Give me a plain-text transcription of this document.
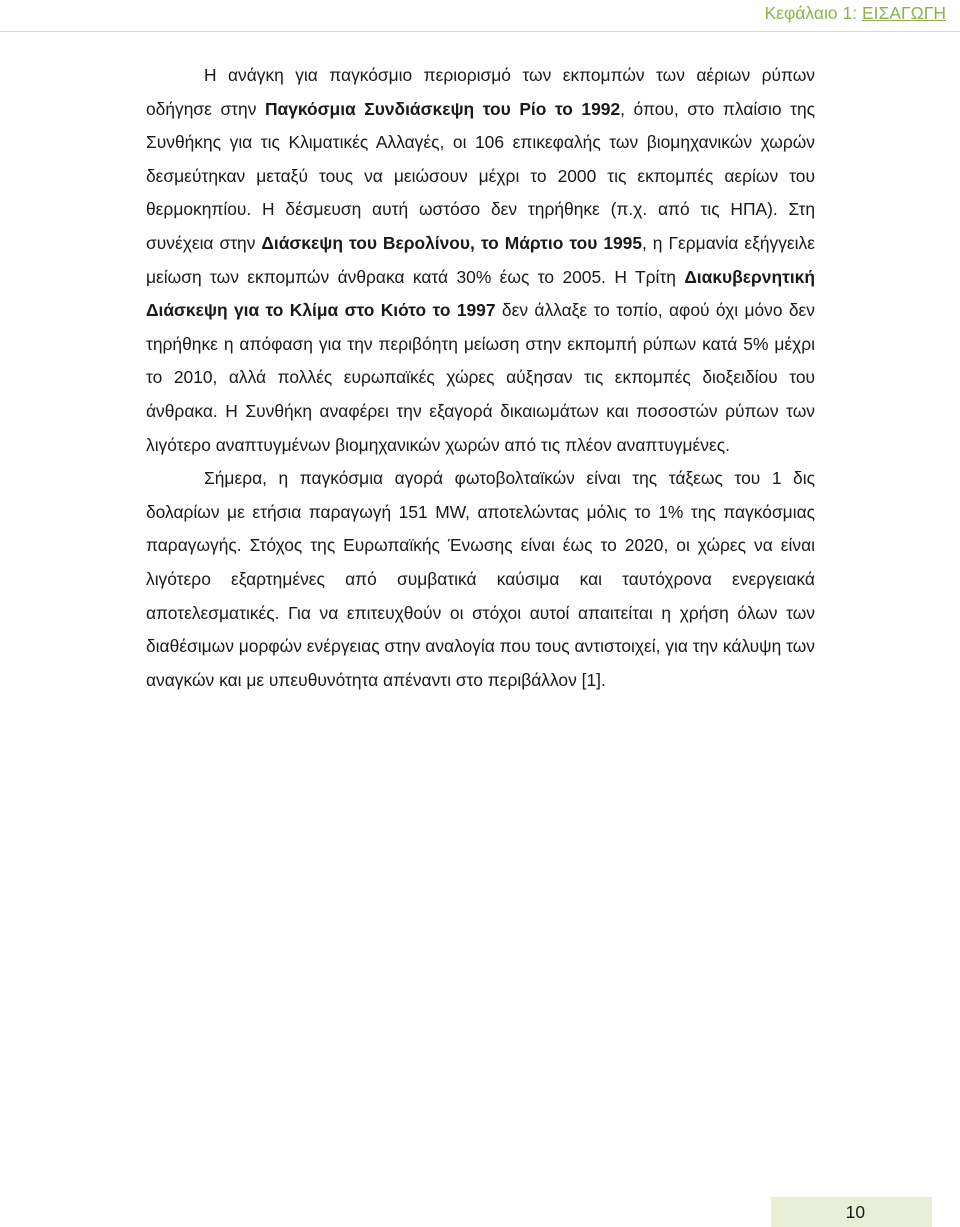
Κεφάλαιο 1: ΕΙΣΑΓΩΓΗ

Η ανάγκη για παγκόσμιο περιορισμό των εκπομπών των αέριων ρύπων οδήγησε στην Παγκόσμια Συνδιάσκεψη του Ρίο το 1992, όπου, στο πλαίσιο της Συνθήκης για τις Κλιματικές Αλλαγές, οι 106 επικεφαλής των βιομηχανικών χωρών δεσμεύτηκαν μεταξύ τους να μειώσουν μέχρι το 2000 τις εκπομπές αερίων του θερμοκηπίου. Η δέσμευση αυτή ωστόσο δεν τηρήθηκε (π.χ. από τις ΗΠΑ). Στη συνέχεια στην Διάσκεψη του Βερολίνου, το Μάρτιο του 1995, η Γερμανία εξήγγειλε μείωση των εκπομπών άνθρακα κατά 30% έως το 2005. Η Τρίτη Διακυβερνητική Διάσκεψη για το Κλίμα στο Κιότο το 1997 δεν άλλαξε το τοπίο, αφού όχι μόνο δεν τηρήθηκε η απόφαση για την περιβόητη μείωση στην εκπομπή ρύπων κατά 5% μέχρι το 2010, αλλά πολλές ευρωπαϊκές χώρες αύξησαν τις εκπομπές διοξειδίου του άνθρακα. Η Συνθήκη αναφέρει την εξαγορά δικαιωμάτων και ποσοστών ρύπων των λιγότερο αναπτυγμένων βιομηχανικών χωρών από τις πλέον αναπτυγμένες.

Σήμερα, η παγκόσμια αγορά φωτοβολταϊκών είναι της τάξεως του 1 δις δολαρίων με ετήσια παραγωγή 151 MW, αποτελώντας μόλις το 1% της παγκόσμιας παραγωγής. Στόχος της Ευρωπαϊκής Ένωσης είναι έως το 2020, οι χώρες να είναι λιγότερο εξαρτημένες από συμβατικά καύσιμα και ταυτόχρονα ενεργειακά αποτελεσματικές. Για να επιτευχθούν οι στόχοι αυτοί απαιτείται η χρήση όλων των διαθέσιμων μορφών ενέργειας στην αναλογία που τους αντιστοιχεί, για την κάλυψη των αναγκών και με υπευθυνότητα απέναντι στο περιβάλλον [1].

10
